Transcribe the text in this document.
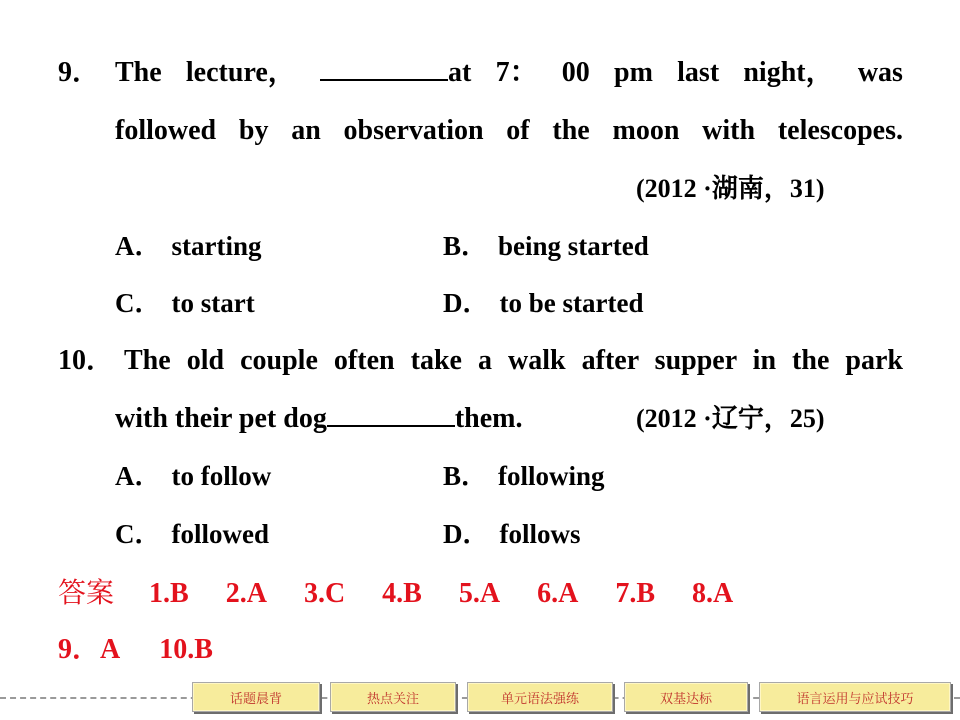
9． The lecture，	at 7： 00 pm last night， was
followed by an observation of the moon with telescopes.
(2012 ·湖南，31)
A． starting	B． being started
C． to start	D． to be started
10． The old couple often take a walk after supper in the park
with their pet dog	them.	(2012 ·辽宁，25)
A． to follow	B． following
C． followed	D． follows
答案 1.B 2.A 3.C 4.B 5.A 6.A 7.B 8.A
9．A 10.B
话题晨背	热点关注	单元语法强练	双基达标	语言运用与应试技巧
